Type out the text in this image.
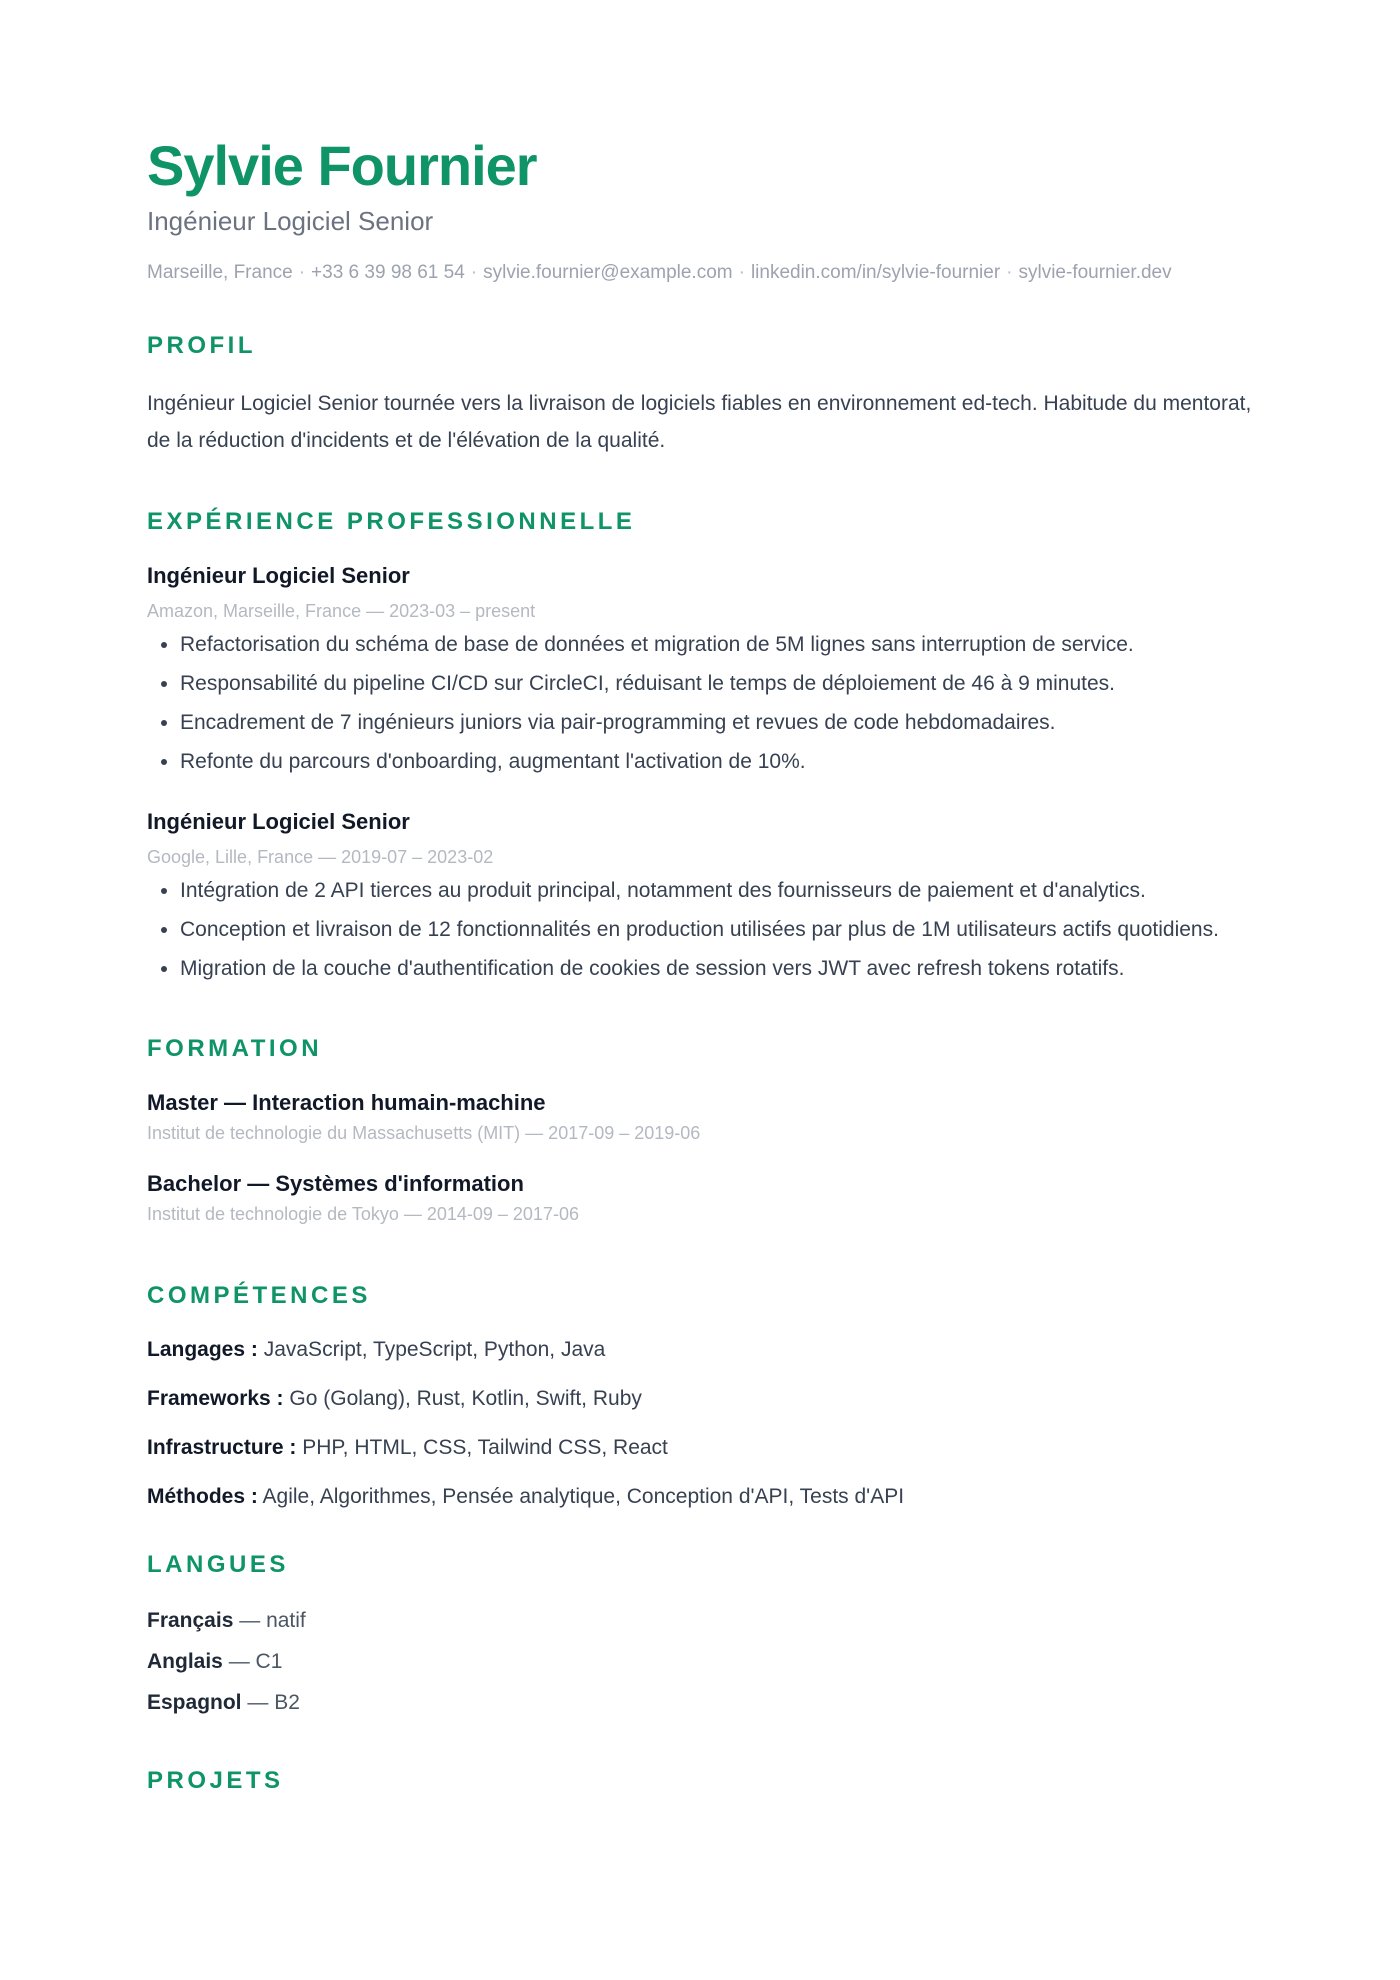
Sylvie Fournier
Ingénieur Logiciel Senior
Marseille, France · +33 6 39 98 61 54 · sylvie.fournier@example.com · linkedin.com/in/sylvie-fournier · sylvie-fournier.dev
PROFIL
Ingénieur Logiciel Senior tournée vers la livraison de logiciels fiables en environnement ed-tech. Habitude du mentorat, de la réduction d'incidents et de l'élévation de la qualité.
EXPÉRIENCE PROFESSIONNELLE
Ingénieur Logiciel Senior
Amazon, Marseille, France — 2023-03 – present
• Refactorisation du schéma de base de données et migration de 5M lignes sans interruption de service.
• Responsabilité du pipeline CI/CD sur CircleCI, réduisant le temps de déploiement de 46 à 9 minutes.
• Encadrement de 7 ingénieurs juniors via pair-programming et revues de code hebdomadaires.
• Refonte du parcours d'onboarding, augmentant l'activation de 10%.
Ingénieur Logiciel Senior
Google, Lille, France — 2019-07 – 2023-02
• Intégration de 2 API tierces au produit principal, notamment des fournisseurs de paiement et d'analytics.
• Conception et livraison de 12 fonctionnalités en production utilisées par plus de 1M utilisateurs actifs quotidiens.
• Migration de la couche d'authentification de cookies de session vers JWT avec refresh tokens rotatifs.
FORMATION
Master — Interaction humain-machine
Institut de technologie du Massachusetts (MIT) — 2017-09 – 2019-06
Bachelor — Systèmes d'information
Institut de technologie de Tokyo — 2014-09 – 2017-06
COMPÉTENCES
Langages : JavaScript, TypeScript, Python, Java
Frameworks : Go (Golang), Rust, Kotlin, Swift, Ruby
Infrastructure : PHP, HTML, CSS, Tailwind CSS, React
Méthodes : Agile, Algorithmes, Pensée analytique, Conception d'API, Tests d'API
LANGUES
Français — natif
Anglais — C1
Espagnol — B2
PROJETS
